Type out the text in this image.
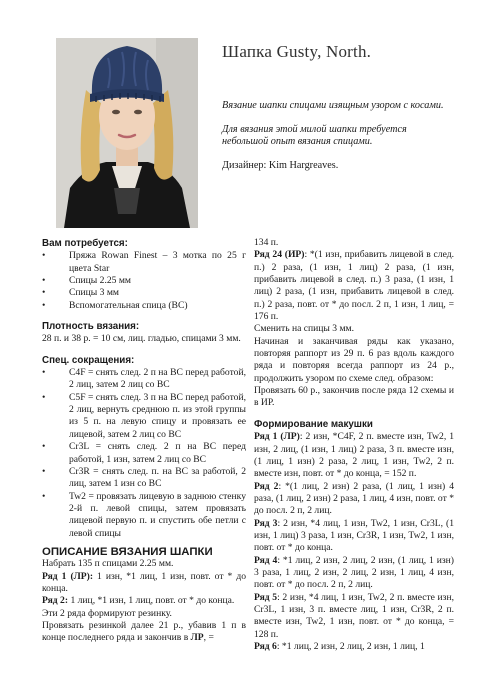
Шапка Gusty, North.

Вязание шапки спицами изящным узором с косами.

Для вязания этой милой шапки требуется небольшой опыт вязания спицами.

Дизайнер: Kim Hargreaves.

Вам потребуется:

• Пряжа Rowan Finest – 3 мотка по 25 г цвета Star
• Спицы 2.25 мм
• Спицы 3 мм
• Вспомогательная спица (ВС)

Плотность вязания:

28 п. и 38 р. = 10 см, лиц. гладью, спицами 3 мм.

Спец. сокращения:

• C4F = снять след. 2 п на ВС перед работой, 2 лиц, затем 2 лиц со ВС
• C5F = снять след. 3 п на ВС перед работой, 2 лиц, вернуть среднюю п. из этой группы из 5 п. на левую спицу и провязать ее лицевой, затем 2 лиц со ВС
• Cr3L = снять след. 2 п на ВС перед работой, 1 изн, затем 2 лиц со ВС
• Cr3R = снять след. п. на ВС за работой, 2 лиц, затем 1 изн со ВС
• Tw2 = провязать лицевую в заднюю стенку 2-й п. левой спицы, затем провязать лицевой первую п. и спустить обе петли с левой спицы

ОПИСАНИЕ ВЯЗАНИЯ ШАПКИ

Набрать 135 п спицами 2.25 мм.

Ряд 1 (ЛР): 1 изн, *1 лиц, 1 изн, повт. от * до конца.

Ряд 2: 1 лиц, *1 изн, 1 лиц, повт. от * до конца.

Эти 2 ряда формируют резинку.

Провязать резинкой далее 21 р., убавив 1 п в конце последнего ряда и закончив в ЛР, =

134 п.

Ряд 24 (ИР): *(1 изн, прибавить лицевой в след. п.) 2 раза, (1 изн, 1 лиц) 2 раза, (1 изн, прибавить лицевой в след. п.) 3 раза, (1 изн, 1 лиц) 2 раза, (1 изн, прибавить лицевой в след. п.) 2 раза, повт. от * до посл. 2 п, 1 изн, 1 лиц, = 176 п.

Сменить на спицы 3 мм.

Начиная и заканчивая ряды как указано, повторяя раппорт из 29 п. 6 раз вдоль каждого ряда и повторяя всегда раппорт из 24 р., продолжить узором по схеме след. образом:

Провязать 60 р., закончив после ряда 12 схемы и в ИР.

Формирование макушки

Ряд 1 (ЛР): 2 изн, *C4F, 2 п. вместе изн, Tw2, 1 изн, 2 лиц, (1 изн, 1 лиц) 2 раза, 3 п. вместе изн, (1 лиц, 1 изн) 2 раза, 2 лиц, 1 изн, Tw2, 2 п. вместе изн, повт. от * до конца, = 152 п.

Ряд 2: *(1 лиц, 2 изн) 2 раза, (1 лиц, 1 изн) 4 раза, (1 лиц, 2 изн) 2 раза, 1 лиц, 4 изн, повт. от * до посл. 2 п, 2 лиц.

Ряд 3: 2 изн, *4 лиц, 1 изн, Tw2, 1 изн, Cr3L, (1 изн, 1 лиц) 3 раза, 1 изн, Cr3R, 1 изн, Tw2, 1 изн, повт. от * до конца.

Ряд 4: *1 лиц, 2 изн, 2 лиц, 2 изн, (1 лиц, 1 изн) 3 раза, 1 лиц, 2 изн, 2 лиц, 2 изн, 1 лиц, 4 изн, повт. от * до посл. 2 п, 2 лиц.

Ряд 5: 2 изн, *4 лиц, 1 изн, Tw2, 2 п. вместе изн, Cr3L, 1 изн, 3 п. вместе лиц, 1 изн, Cr3R, 2 п. вместе изн, Tw2, 1 изн, повт. от * до конца, = 128 п.

Ряд 6: *1 лиц, 2 изн, 2 лиц, 2 изн, 1 лиц, 1
